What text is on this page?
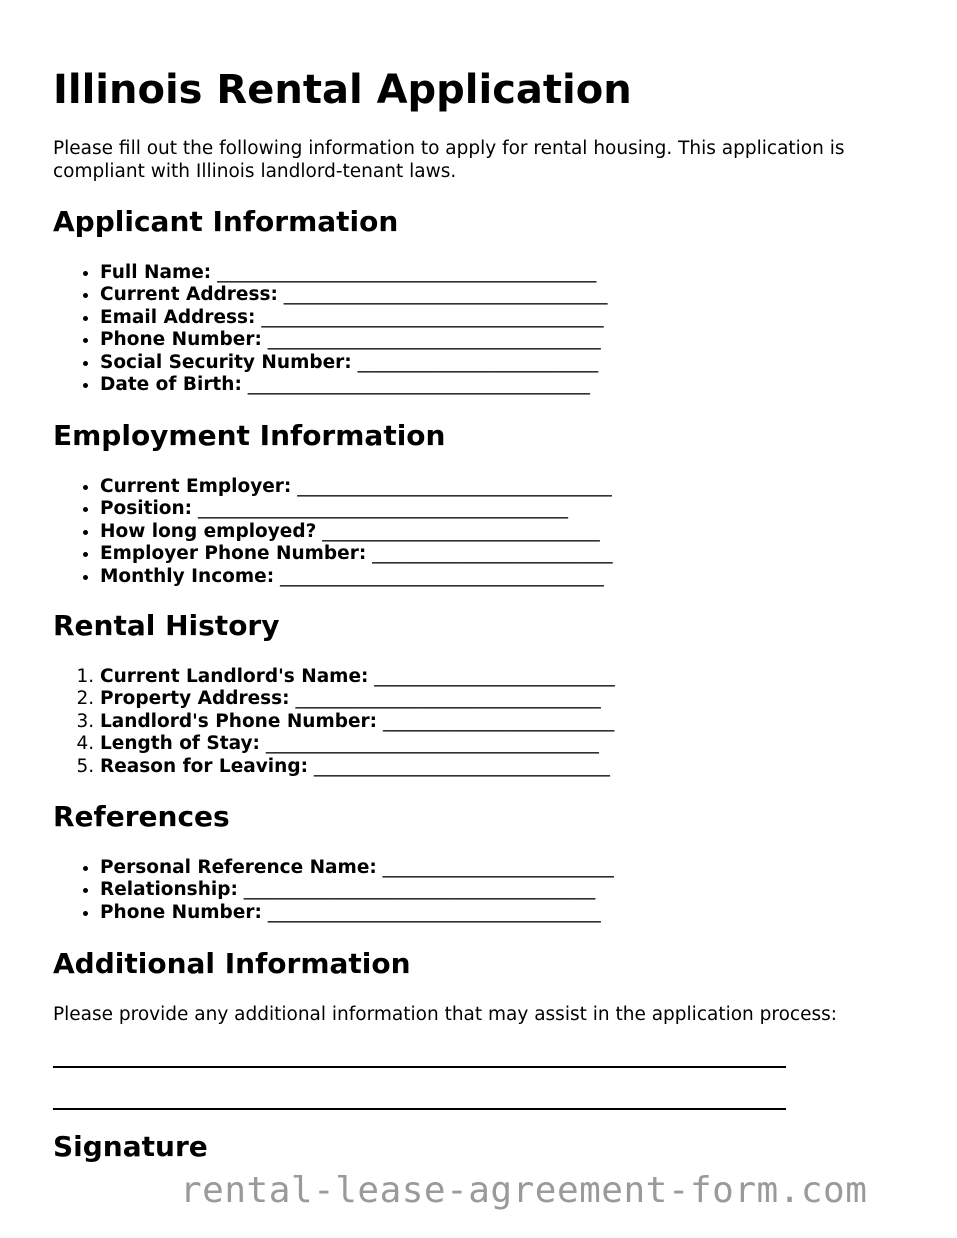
Illinois Rental Application

Please fill out the following information to apply for rental housing. This application is compliant with Illinois landlord-tenant laws.

Applicant Information
• Full Name: _________________________________________
• Current Address: ___________________________________
• Email Address: _____________________________________
• Phone Number: ____________________________________
• Social Security Number: __________________________
• Date of Birth: _____________________________________
Employment Information
• Current Employer: __________________________________
• Position: ________________________________________
• How long employed? ______________________________
• Employer Phone Number: __________________________
• Monthly Income: ___________________________________
Rental History
1. Current Landlord's Name: __________________________
2. Property Address: _________________________________
3. Landlord's Phone Number: _________________________
4. Length of Stay: ____________________________________
5. Reason for Leaving: ________________________________
References
• Personal Reference Name: _________________________
• Relationship: ______________________________________
• Phone Number: ____________________________________
Additional Information

Please provide any additional information that may assist in the application process:

Signature
rental-lease-agreement-form.com
